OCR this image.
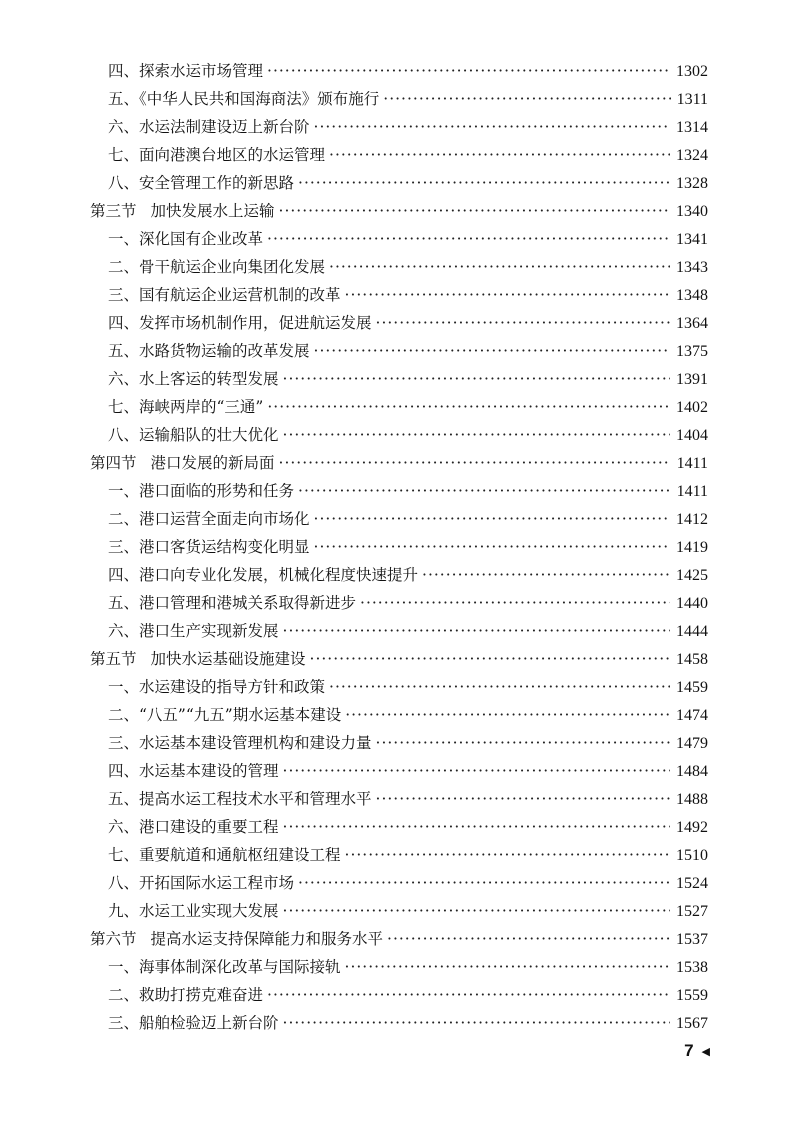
四、探索水运市场管理 ·····	1302
五、《中华人民共和国海商法》颁布施行 ·····	1311
六、水运法制建设迈上新台阶 ·····	1314
七、面向港澳台地区的水运管理 ·····	1324
八、安全管理工作的新思路 ·····	1328
第三节 加快发展水上运输 ·····	1340
一、深化国有企业改革 ·····	1341
二、骨干航运企业向集团化发展 ·····	1343
三、国有航运企业运营机制的改革 ·····	1348
四、发挥市场机制作用，促进航运发展 ·····	1364
五、水路货物运输的改革发展 ·····	1375
六、水上客运的转型发展 ·····	1391
七、海峡两岸的“三通” ·····	1402
八、运输船队的壮大优化 ·····	1404
第四节 港口发展的新局面 ·····	1411
一、港口面临的形势和任务 ·····	1411
二、港口运营全面走向市场化 ·····	1412
三、港口客货运结构变化明显 ·····	1419
四、港口向专业化发展，机械化程度快速提升 ·····	1425
五、港口管理和港城关系取得新进步 ·····	1440
六、港口生产实现新发展 ·····	1444
第五节 加快水运基础设施建设 ·····	1458
一、水运建设的指导方针和政策 ·····	1459
二、“八五”“九五”期水运基本建设 ·····	1474
三、水运基本建设管理机构和建设力量 ·····	1479
四、水运基本建设的管理 ·····	1484
五、提高水运工程技术水平和管理水平 ·····	1488
六、港口建设的重要工程 ·····	1492
七、重要航道和通航枢纽建设工程 ·····	1510
八、开拓国际水运工程市场 ·····	1524
九、水运工业实现大发展 ·····	1527
第六节 提高水运支持保障能力和服务水平 ·····	1537
一、海事体制深化改革与国际接轨 ·····	1538
二、救助打捞克难奋进 ·····	1559
三、船舶检验迈上新台阶 ·····	1567
7 ◀
